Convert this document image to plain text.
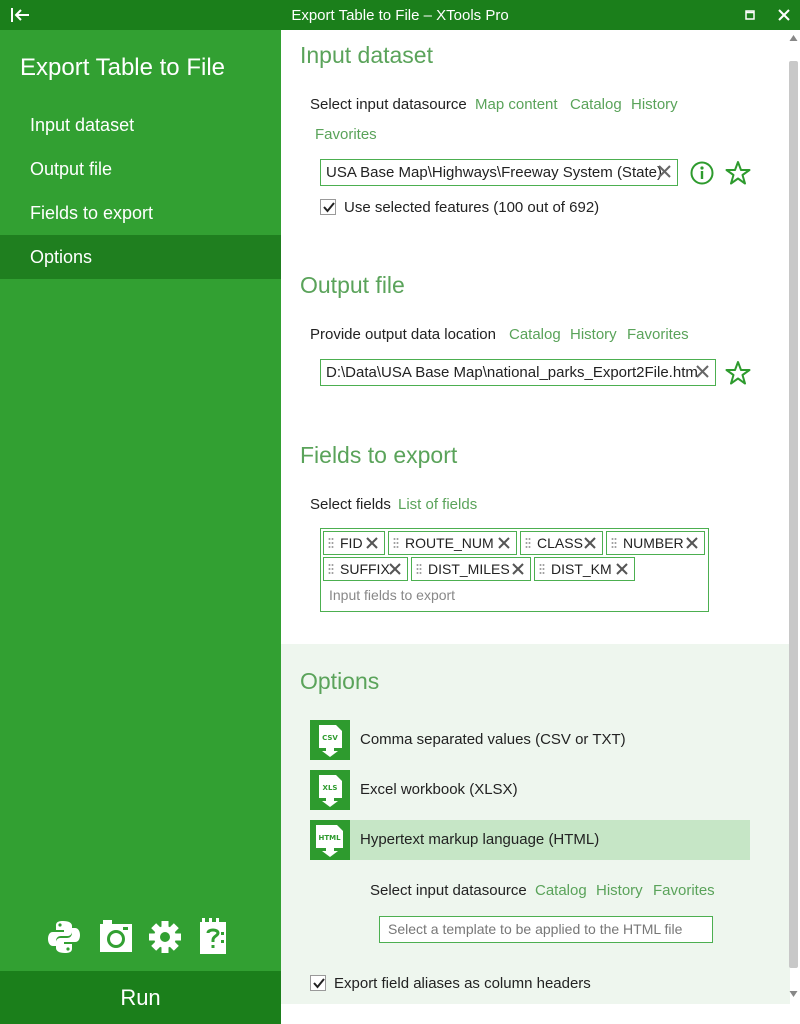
Export Table to File – XTools Pro
Export Table to File
Input dataset
Output file
Fields to export
Options
Run
Input dataset
Select input datasource Map content Catalog History
Favorites
USA Base Map\Highways\Freeway System (State)
Use selected features (100 out of 692)
Output file
Provide output data location Catalog History Favorites
D:\Data\USA Base Map\national_parks_Export2File.htm
Fields to export
Select fields List of fields
FID	ROUTE_NUM	CLASS	NUMBER
SUFFIX	DIST_MILES	DIST_KM
Input fields to export
Options
CSV Comma separated values (CSV or TXT)
XLS Excel workbook (XLSX)
HTML Hypertext markup language (HTML)
Select input datasource Catalog History Favorites
Select a template to be applied to the HTML file
Export field aliases as column headers
